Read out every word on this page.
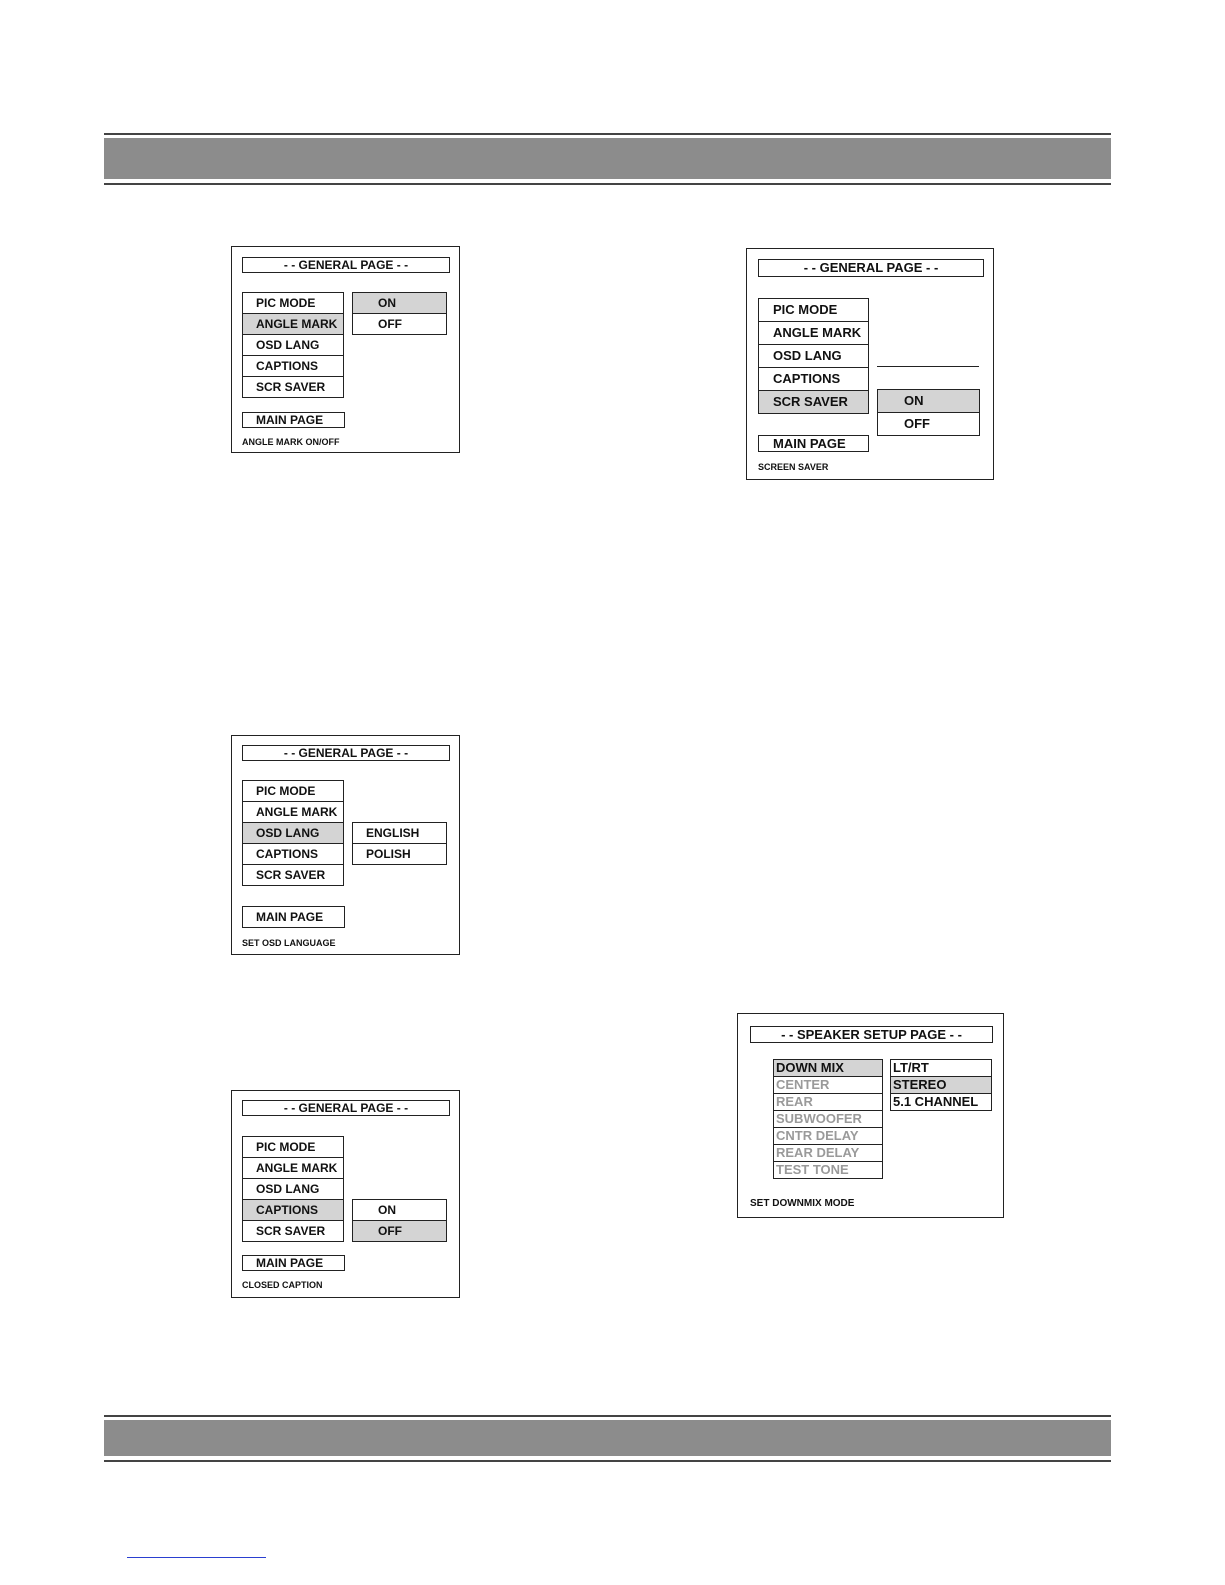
- - GENERAL PAGE - -
PIC MODE
ANGLE MARK
OSD LANG
CAPTIONS
SCR SAVER
ON
OFF
MAIN PAGE
ANGLE MARK ON/OFF
- - GENERAL PAGE - -
PIC MODE
ANGLE MARK
OSD LANG
CAPTIONS
SCR SAVER	ON
OFF
MAIN PAGE
SCREEN SAVER
- - GENERAL PAGE - -
PIC MODE
ANGLE MARK
OSD LANG
CAPTIONS
SCR SAVER
ENGLISH
POLISH
MAIN PAGE
SET OSD LANGUAGE
- - GENERAL PAGE - -
PIC MODE
ANGLE MARK
OSD LANG
CAPTIONS
SCR SAVER
ON
OFF
MAIN PAGE
CLOSED CAPTION
- - SPEAKER SETUP PAGE - -
DOWN MIX
CENTER
REAR
SUBWOOFER
CNTR DELAY
REAR DELAY
TEST TONE
LT/RT
STEREO
5.1 CHANNEL
SET DOWNMIX MODE
